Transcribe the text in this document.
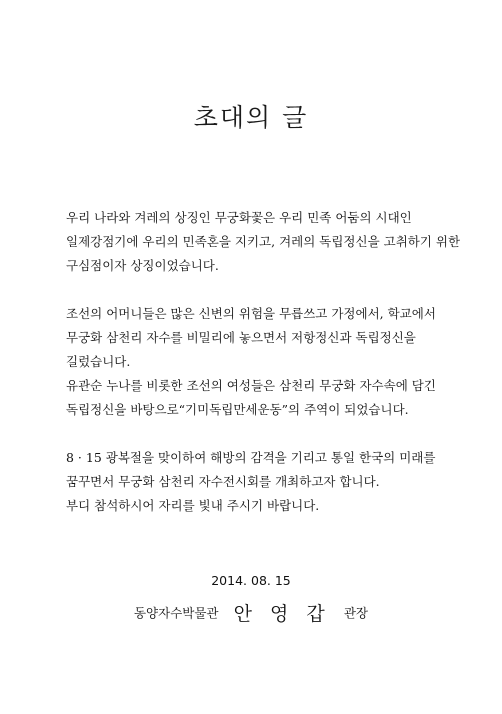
초대의 글
우리 나라와 겨레의 상징인 무궁화꽃은 우리 민족 어둠의 시대인
일제강점기에 우리의 민족혼을 지키고, 겨레의 독립정신을 고취하기 위한
구심점이자 상징이었습니다.
조선의 어머니들은 많은 신변의 위험을 무릅쓰고 가정에서, 학교에서
무궁화 삼천리 자수를 비밀리에 놓으면서 저항정신과 독립정신을
길렀습니다.
유관순 누나를 비롯한 조선의 여성들은 삼천리 무궁화 자수속에 담긴
독립정신을 바탕으로“기미독립만세운동”의 주역이 되었습니다.
8 · 15 광복절을 맞이하여 해방의 감격을 기리고 통일 한국의 미래를
꿈꾸면서 무궁화 삼천리 자수전시회를 개최하고자 합니다.
부디 참석하시어 자리를 빛내 주시기 바랍니다.
2014. 08. 15
동양자수박물관 안 영 갑 관장
